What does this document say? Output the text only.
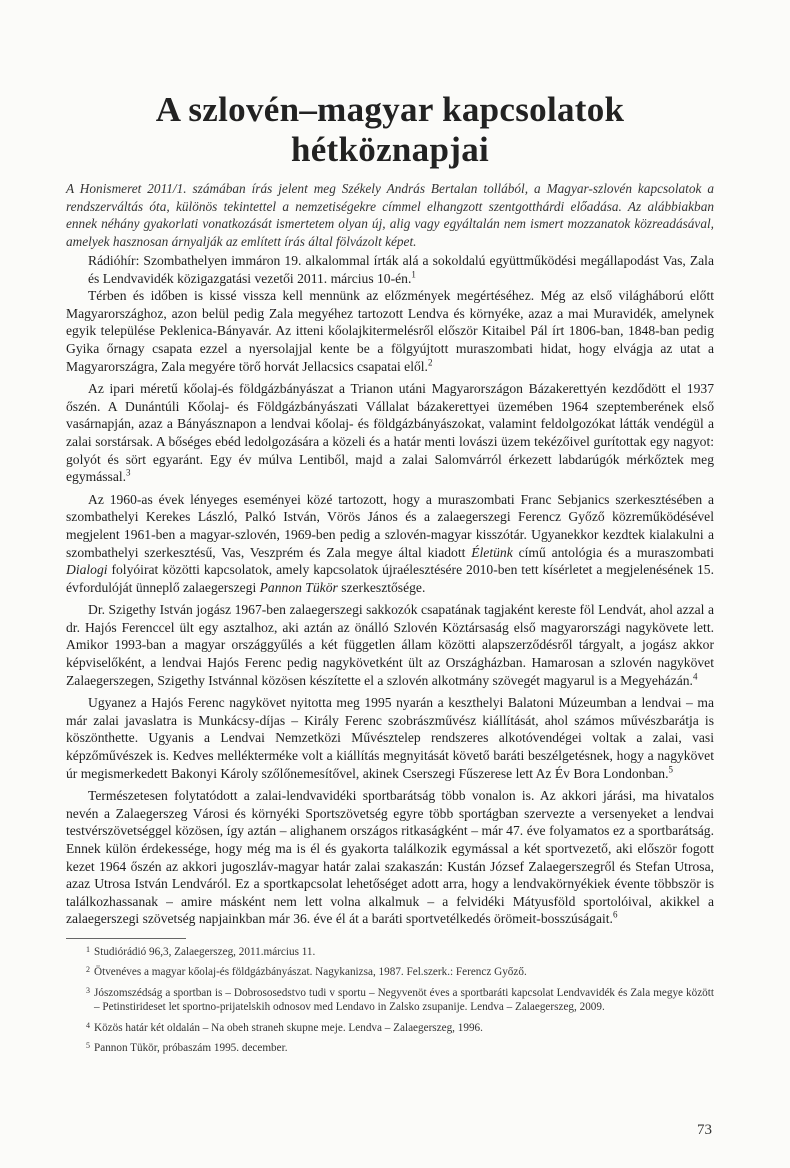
A szlovén–magyar kapcsolatok hétköznapjai
A Honismeret 2011/1. számában írás jelent meg Székely András Bertalan tollából, a Magyar-szlovén kapcsolatok a rendszerváltás óta, különös tekintettel a nemzetiségekre címmel elhangzott szentgotthárdi előadása. Az alábbiakban ennek néhány gyakorlati vonatkozását ismertetem olyan új, alig vagy egyáltalán nem ismert mozzanatok közreadásával, amelyek hasznosan árnyalják az említett írás által fölvázolt képet.
Rádióhír: Szombathelyen immáron 19. alkalommal írták alá a sokoldalú együttműködési megállapodást Vas, Zala és Lendvavidék közigazgatási vezetői 2011. március 10-én.$^1$

Térben és időben is kissé vissza kell mennünk az előzmények megértéséhez. Még az első világháború előtt Magyarországhoz, azon belül pedig Zala megyéhez tartozott Lendva és környéke, azaz a mai Muravidék, amelynek egyik települése Peklenica-Bányavár. Az itteni kőolajkitermelésről először Kitaibel Pál írt 1806-ban, 1848-ban pedig Gyika őrnagy csapata ezzel a nyersolajjal kente be a fölgyújtott muraszombati hidat, hogy elvágja az utat a Magyarországra, Zala megyére törő horvát Jellacsics csapatai elől.$^2$

Az ipari méretű kőolaj-és földgázbányászat a Trianon utáni Magyarországon Bázakerettyén kezdődött el 1937 őszén. A Dunántúli Kőolaj- és Földgázbányászati Vállalat bázakerettyei üzemében 1964 szeptemberének első vasárnapján, azaz a Bányásznapon a lendvai kőolaj- és földgázbányászokat, valamint feldolgozókat látták vendégül a zalai sorstársak. A bőséges ebéd ledolgozására a közeli és a határ menti lovászi üzem tekézőivel gurítottak egy nagyot: golyót és sört egyaránt. Egy év múlva Lentiből, majd a zalai Salomvárról érkezett labdarúgók mérkőztek meg egymással.$^3$

Az 1960-as évek lényeges eseményei közé tartozott, hogy a muraszombati Franc Sebjanics szerkesztésében a szombathelyi Kerekes László, Palkó István, Vörös János és a zalaegerszegi Ferencz Győző közreműködésével megjelent 1961-ben a magyar-szlovén, 1969-ben pedig a szlovén-magyar kisszótár. Ugyanekkor kezdtek kialakulni a szombathelyi szerkesztésű, Vas, Veszprém és Zala megye által kiadott Életünk című antológia és a muraszombati Dialogi folyóirat közötti kapcsolatok, amely kapcsolatok újraélesztésére 2010-ben tett kísérletet a megjelenésének 15. évfordulóját ünneplő zalaegerszegi Pannon Tükör szerkesztősége.

Dr. Szigethy István jogász 1967-ben zalaegerszegi sakkozók csapatának tagjaként kereste föl Lendvát, ahol azzal a dr. Hajós Ferenccel ült egy asztalhoz, aki aztán az önálló Szlovén Köztársaság első magyarországi nagykövete lett. Amikor 1993-ban a magyar országgyűlés a két független állam közötti alapszerződésről tárgyalt, a jogász akkor képviselőként, a lendvai Hajós Ferenc pedig nagykövetként ült az Országházban. Hamarosan a szlovén nagykövet Zalaegerszegen, Szigethy Istvánnal közösen készítette el a szlovén alkotmány szövegét magyarul is a Megyeházán.$^4$

Ugyanez a Hajós Ferenc nagykövet nyitotta meg 1995 nyarán a keszthelyi Balatoni Múzeumban a lendvai – ma már zalai javaslatra is Munkácsy-díjas – Király Ferenc szobrászművész kiállítását, ahol számos művészbarátja is köszönthette. Ugyanis a Lendvai Nemzetközi Művésztelep rendszeres alkotóvendégei voltak a zalai, vasi képzőművészek is. Kedves mellékterméke volt a kiállítás megnyitását követő baráti beszélgetésnek, hogy a nagykövet úr megismerkedett Bakonyi Károly szőlőnemesítővel, akinek Cserszegi Fűszerese lett Az Év Bora Londonban.$^5$

Természetesen folytatódott a zalai-lendvavidéki sportbarátság több vonalon is. Az akkori járási, ma hivatalos nevén a Zalaegerszeg Városi és környéki Sportszövetség egyre több sportágban szervezte a versenyeket a lendvai testvérszövetséggel közösen, így aztán – alighanem országos ritkaságként – már 47. éve folyamatos ez a sportbarátság. Ennek külön érdekessége, hogy még ma is él és gyakorta találkozik egymással a két sportvezető, aki először fogott kezet 1964 őszén az akkori jugoszláv-magyar határ zalai szakaszán: Kustán József Zalaegerszegről és Stefan Utrosa, azaz Utrosa István Lendváról. Ez a sportkapcsolat lehetőséget adott arra, hogy a lendvakörnyékiek évente többször is találkozhassanak – amire másként nem lett volna alkalmuk – a felvidéki Mátyusföld sportolóival, akikkel a zalaegerszegi szövetség napjainkban már 36. éve él át a baráti sportvetélkedés örömeit-bosszúságait.$^6$

1 Studiórádió 96,3, Zalaegerszeg, 2011.március 11.
2 Ötvenéves a magyar kőolaj-és földgázbányászat. Nagykanizsa, 1987. Fel.szerk.: Ferencz Győző.
3 Jószomszédság a sportban is – Dobrososedstvo tudi v sportu – Negyvenöt éves a sportbaráti kapcsolat Lendvavidék és Zala megye között – Petinstirideset let sportno-prijatelskih odnosov med Lendavo in Zalsko zsupanije. Lendva – Zalaegerszeg, 2009.
4 Közös határ két oldalán – Na obeh straneh skupne meje. Lendva – Zalaegerszeg, 1996.
5 Pannon Tükör, próbaszám 1995. december.
73
